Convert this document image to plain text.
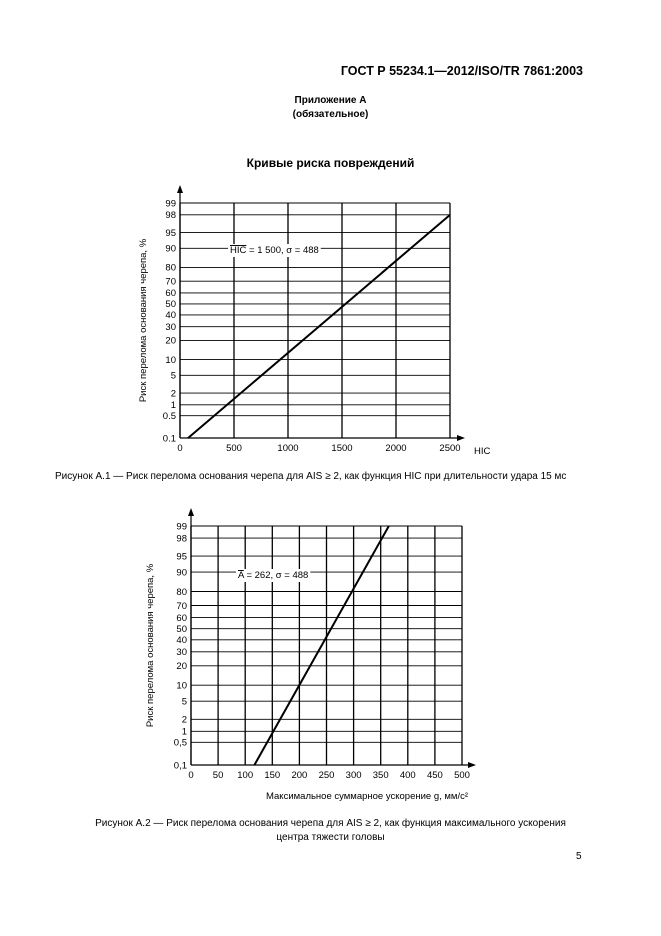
ГОСТ Р 55234.1—2012/ISO/TR 7861:2003
Приложение А
(обязательное)
Кривые риска повреждений
0.1
0.5
1
2
5
10
20
30
40
50
60
70
80
90
95
98
99
0	500	1000	1500	2000	2500
Риск перелома основания черепа, %
HIC
HIC = 1 500, σ = 488
0,1
0,5
1
2
5
10
20
30
40
50
60
70
80
90
95
98
99
0 50 100 150 200 250 300 350 400 450 500
Риск перелома основания черепа, %
Максимальное суммарное ускорение g, мм/с²
A = 262, σ = 488
Рисунок А.1 — Риск перелома основания черепа для AIS ≥ 2, как функция HIC при длительности удара 15 мс
Рисунок А.2 — Риск перелома основания черепа для AIS ≥ 2, как функция максимального ускорения
центра тяжести головы
5
